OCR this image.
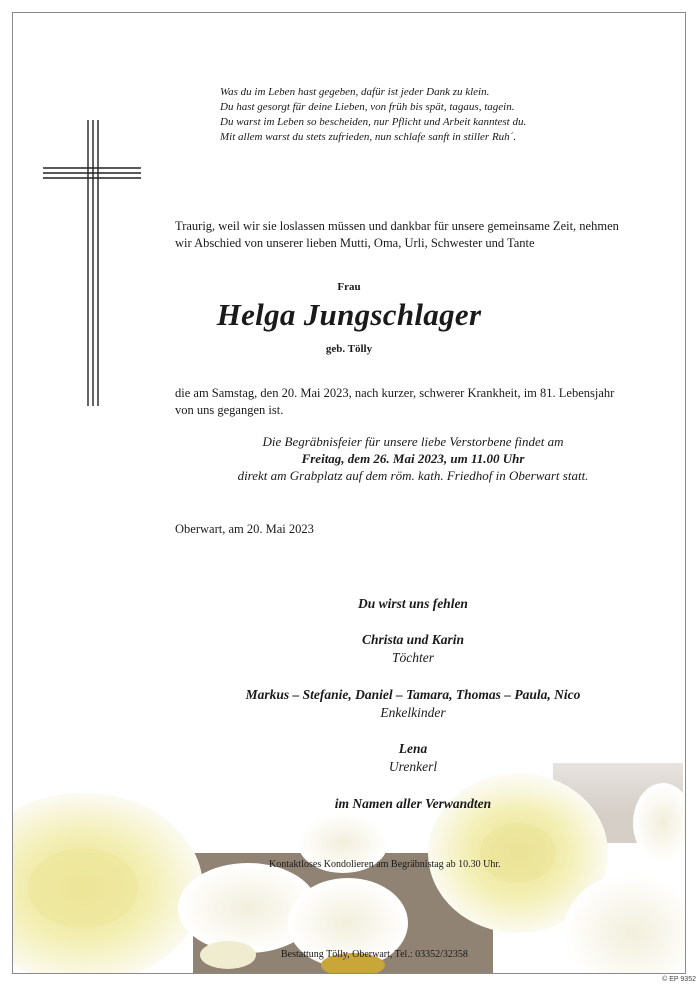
Was du im Leben hast gegeben, dafür ist jeder Dank zu klein.
Du hast gesorgt für deine Lieben, von früh bis spät, tagaus, tagein.
Du warst im Leben so bescheiden, nur Pflicht und Arbeit kanntest du.
Mit allem warst du stets zufrieden, nun schlafe sanft in stiller Ruh´.
Traurig, weil wir sie loslassen müssen und dankbar für unsere gemeinsame Zeit, nehmen
wir Abschied von unserer lieben Mutti, Oma, Urli, Schwester und Tante
Frau
Helga Jungschlager
geb. Tölly
die am Samstag, den 20. Mai 2023, nach kurzer, schwerer Krankheit, im 81. Lebensjahr
von uns gegangen ist.
Die Begräbnisfeier für unsere liebe Verstorbene findet am
Freitag, dem 26. Mai 2023, um 11.00 Uhr
direkt am Grabplatz auf dem röm. kath. Friedhof in Oberwart statt.
Oberwart, am 20. Mai 2023
Du wirst uns fehlen
Christa und Karin
Töchter
Markus – Stefanie, Daniel – Tamara, Thomas – Paula, Nico
Enkelkinder
Lena
Urenkerl
im Namen aller Verwandten
Kontaktloses Kondolieren am Begräbnistag ab 10.30 Uhr.
Bestattung Tölly, Oberwart, Tel.: 03352/32358
© EP 9352
